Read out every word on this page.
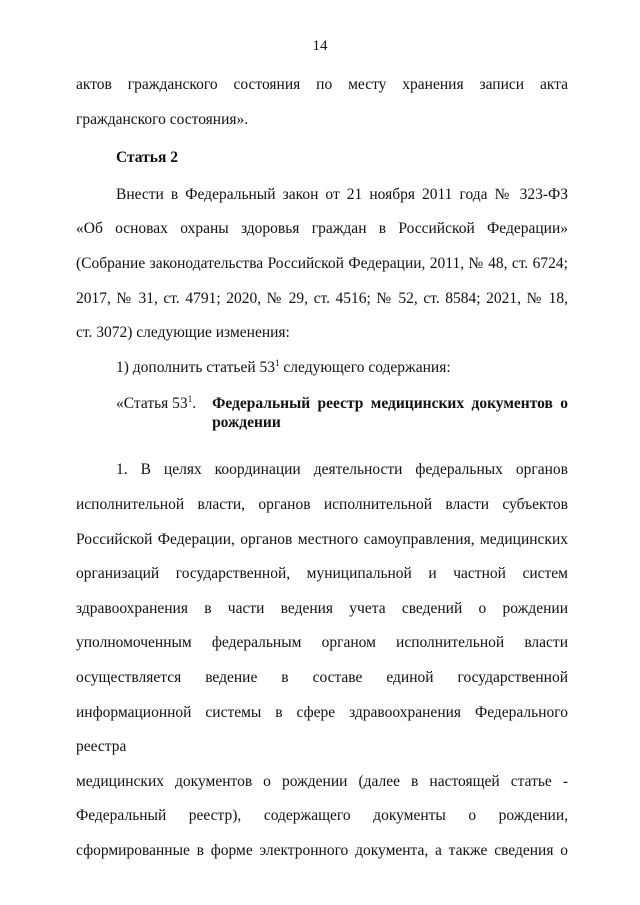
14

актов гражданского состояния по месту хранения записи акта

гражданского состояния».

Статья 2

Внести в Федеральный закон от 21 ноября 2011 года № 323-ФЗ

«Об основах охраны здоровья граждан в Российской Федерации»

(Собрание законодательства Российской Федерации, 2011, № 48, ст. 6724;

2017, № 31, ст. 4791; 2020, № 29, ст. 4516; № 52, ст. 8584; 2021, № 18,

ст. 3072) следующие изменения:

1) дополнить статьей $53^1$ следующего содержания:

«Статья $53^1$. Федеральный реестр медицинских документов о
рождении

1. В целях координации деятельности федеральных органов

исполнительной власти, органов исполнительной власти субъектов

Российской Федерации, органов местного самоуправления, медицинских

организаций государственной, муниципальной и частной систем

здравоохранения в части ведения учета сведений о рождении

уполномоченным федеральным органом исполнительной власти

осуществляется ведение в составе единой государственной

информационной системы в сфере здравоохранения Федерального реестра

медицинских документов о рождении (далее в настоящей статье -

Федеральный реестр), содержащего документы о рождении,

сформированные в форме электронного документа, а также сведения о
